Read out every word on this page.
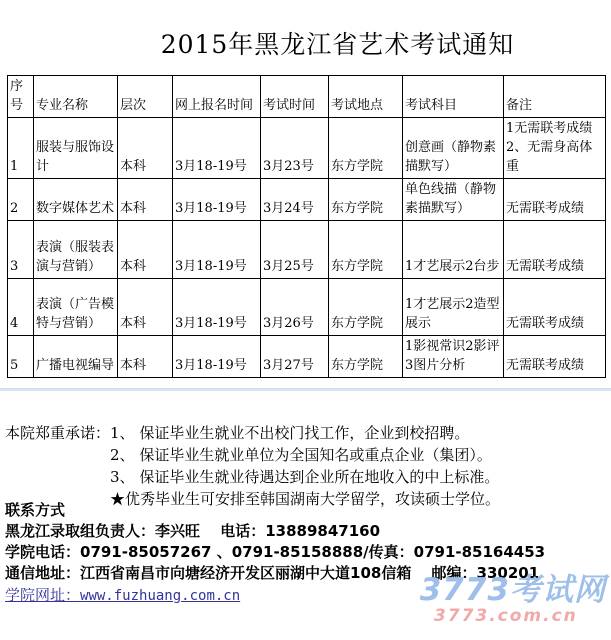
2015年黑龙江省艺术考试通知
序号	专业名称	层次	网上报名时间	考试时间	考试地点	考试科目	备注
1	服装与服饰设计	本科	3月18-19号	3月23号	东方学院	创意画（静物素描默写）	1无需联考成绩2、无需身高体重
2	数字媒体艺术	本科	3月18-19号	3月24号	东方学院	单色线描（静物素描默写）	无需联考成绩
3	表演（服装表演与营销）	本科	3月18-19号	3月25号	东方学院	1才艺展示2台步	无需联考成绩
4	表演（广告模特与营销）	本科	3月18-19号	3月26号	东方学院	1才艺展示2造型展示	无需联考成绩
5	广播电视编导	本科	3月18-19号	3月27号	东方学院	1影视常识2影评3图片分析	无需联考成绩
本院郑重承诺： 1、 保证毕业生就业不出校门找工作，企业到校招聘。
2、 保证毕业生就业单位为全国知名或重点企业（集团）。
3、 保证毕业生就业待遇达到企业所在地收入的中上标准。
★优秀毕业生可安排至韩国湖南大学留学，攻读硕士学位。
联系方式
黑龙江录取组负责人：李兴旺　 电话：13889847160
学院电话：0791-85057267 、0791-85158888/传真：0791-85164453
通信地址：江西省南昌市向塘经济开发区丽湖中大道108信箱　 邮编：330201
学院网址：www.fuzhuang.com.cn	3773考试网
3773.com.cn
